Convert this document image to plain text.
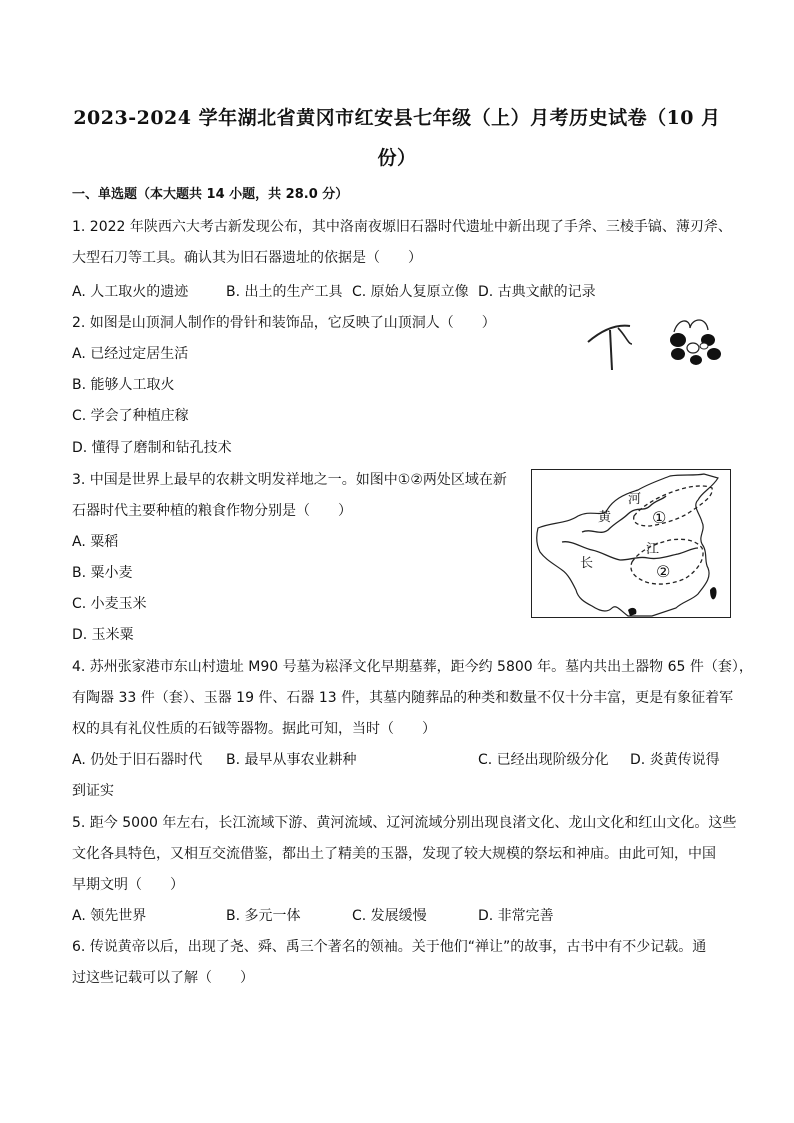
2023-2024 学年湖北省黄冈市红安县七年级（上）月考历史试卷（10 月
份）
一、单选题（本大题共 14 小题，共 28.0 分）
1. 2022 年陕西六大考古新发现公布，其中洛南夜塬旧石器时代遗址中新出现了手斧、三棱手镐、薄刃斧、
大型石刀等工具。确认其为旧石器遗址的依据是（　　）
A. 人工取火的遗迹	B. 出土的生产工具 C. 原始人复原立像 D. 古典文献的记录
2. 如图是山顶洞人制作的骨针和装饰品，它反映了山顶洞人（　　）
A. 已经过定居生活
B. 能够人工取火
C. 学会了种植庄稼
D. 懂得了磨制和钻孔技术
3. 中国是世界上最早的农耕文明发祥地之一。如图中①②两处区域在新
石器时代主要种植的粮食作物分别是（　　）
A. 粟稻
B. 粟小麦
C. 小麦玉米
D. 玉米粟
黄
河
长
江
①
②
4. 苏州张家港市东山村遗址 M90 号墓为崧泽文化早期墓葬，距今约 5800 年。墓内共出土器物 65 件（套），
有陶器 33 件（套）、玉器 19 件、石器 13 件，其墓内随葬品的种类和数量不仅十分丰富，更是有象征着军
权的具有礼仪性质的石钺等器物。据此可知，当时（　　）
A. 仍处于旧石器时代 B. 最早从事农业耕种	C. 已经出现阶级分化 D. 炎黄传说得
到证实
5. 距今 5000 年左右，长江流域下游、黄河流域、辽河流域分别出现良渚文化、龙山文化和红山文化。这些
文化各具特色，又相互交流借鉴，都出土了精美的玉器，发现了较大规模的祭坛和神庙。由此可知，中国
早期文明（　　）
A. 领先世界	B. 多元一体	C. 发展缓慢	D. 非常完善
6. 传说黄帝以后，出现了尧、舜、禹三个著名的领袖。关于他们“禅让”的故事，古书中有不少记载。通
过这些记载可以了解（　　）
